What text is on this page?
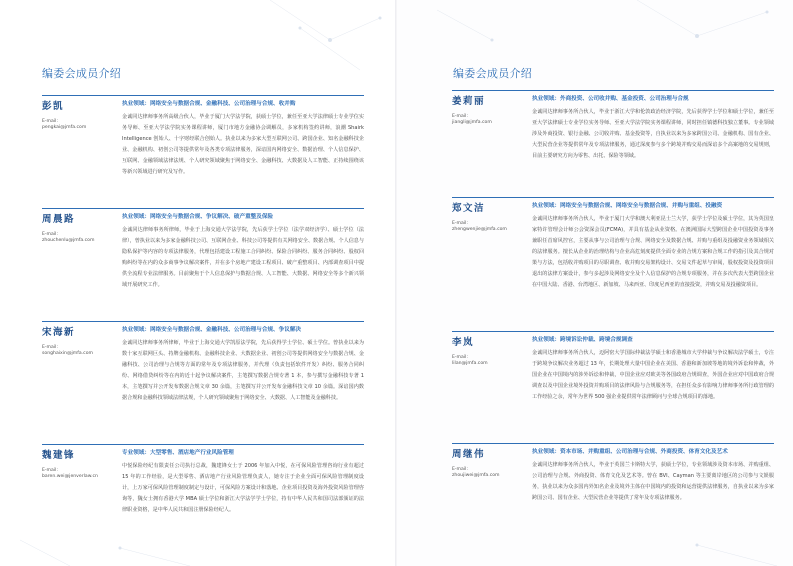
编委会成员介绍
彭凯
E-mail：
pengkai@jmfa.com
执业领域：网络安全与数据合规、金融科技、公司治理与合规、收并购
金诚同达律师事务所高级合伙人，毕业于厦门大学法学院，获硕士学位，兼任至亚大学法律硕士专业学位实务导师、至亚大学法学院实务课程讲师，厦门市地方金融协会调解员，多家机构签约讲师，浪潮 Shairk Intelligence 创始人、十字财经联合创始人。执业以来为多家大型互联网公司、跨国企业、知名金融科技企业、金融机构、初创公司等提供常年及各类专项法律服务，深谙国内网络安全、数据治理、个人信息保护、互联网、金融领域法律法规、个人研究领域聚焦于网络安全、金融科技、大数据及人工智能、正持续围绕该等新兴领域进行研究及写作。
周晨路
E-mail：
zhouchenlu@jmfa.com
执业领域：网络安全与数据合规、争议解决、破产重整及保险
金诚同达律师事务所律师，毕业于上海交通大学法学院，先后获学士学位（法学双经济学）、硕士学位（法律），曾执业以来为多家金融科技公司、互联网企业、科技公司等提供有关网络安全、数据合规、个人信息与隐私保护等内容的专项法律服务，代理包括建设工程施工合同纠纷、保险合同纠纷、服务合同纠纷、股权回购纠纷等在内的众多商事争议解决案件，并在多个房地产建设工程项目、破产重整项目、内部调查项目中提供全流程专业法律服务。目前聚焦于个人信息保护与数据合规、人工智能、大数据、网络安全等多个新兴领域开展研究工作。
宋海新
E-mail：
songhaixin@jmfa.com
执业领域：网络安全与数据合规、金融科技、公司治理与合规、争议解决
金诚同达律师事务所律师，毕业于上海交通大学凯原法学院，先后获得学士学位、硕士学位。曾执业以来为数十家互联网巨头、持牌金融机构、金融科技企业、大数据企业、初创公司等提供网络安全与数据合规、金融科技、公司治理与合规等方面的常年及专项法律服务，并代理（负责包括软件开发）纠纷、服务合同纠纷、网络借贷纠纷等在内的近十起争议解决案件，主笔撰写数据合规专著 1 本，参与撰写金融科技专著 1 本，主笔撰写并公开发布数据合规文章 30 余篇，主笔撰写并公开发布金融科技文章 10 余篇。深谙国内数据合规和金融科技领域法律法规，个人研究领域聚焦于网络安全、大数据、人工智能及金融科技。
魏建锋
E-mail：
baren.wei@jenverlaw.cn
专业领域：大型零售、酒店地产行业风险管理
中悦保险经纪有限责任公司执行总裁，魏建锋女士于 2006 年加入中悦，在可保风险管理咨询行业有超过 15 年的工作经验，是大型零售、酒店地产行业风险管理负责人，她专注于企业全面可保风险管理制度设计，上万家可保风险管理制度制定与设计，可保风险方案设计和落地、企业项目投资及海外投资风险管理咨询等，魏女士拥有香港大学 MBA 硕士学位和浙江大学法学学士学位，持有中华人民共和国司法部颁证的法律职业资格，是中华人民共和国注册保险经纪人。
编委会成员介绍
姜莉丽
E-mail：
jiangli@jmfa.com
执业领域：外商投资、公司收并购、基金投资、公司治理与合规
金诚同达律师事务所合伙人，毕业于浙江大学和伦敦政治经济学院，先后获得学士学位和硕士学位，兼任至亚大学法律硕士专业学位实务导师、至亚大学法学院实务课程讲师，同时担任镇德科技独立董事。专业领域涉及外商投资、银行金融、公司收并购、基金投资等，自执业以来为多家跨国公司、金融机构、国有企业、大型民营企业等提供常年及专项法律服务，通过深度参与多个跨境并购交易而深谙多个高案地的交易规则，目前主要研究方向为零售、出托、保险等领域。
郑文洁
E-mail：
zhengwenjie@jmfa.com
执业领域：网络安全与数据合规、网络安全与数据合规、并购与重组、投融资
金诚同达律师事务所合伙人，毕业于厦门大学和澳大利亚昆士兰大学，获学士学位及硕士学位，其为英国皇家特许管理会计师公会资深会员(FCMA)，并具有基金从业资格。在澳洲国际大型跨国企业中国投资及事务兼职任首席风控官，主要从事与公司治理与合规、网络安全及数据合规、并购与重组及投融资业务领域相关的法律服务。擅长从企业的治理结构与企业高危刻度提供全面专业的合规方案和合规工作的指引及其合规对策与方法，包括收并购项目的尽职调查、收并购交易架构设计、交易文件起草与审阅，股权投资及投资项目退出的法律方案设计，参与多起涉及网络安全及个人信息保护的合规专项服务，并在多次代表大型跨国企业在中国大陆、香港、台湾地区、新加坡、马来西亚、印度尼西亚的直接投资，并购交易及投融资项目。
李岚
E-mail：
lilan@jmfa.com
执业领域：跨境诉讼仲裁、跨境合规调查
金诚同达律师事务所合伙人，迈阿密大学国际仲裁法学硕士和香港城市大学仲裁与争议解决法学硕士，专注于跨境争议解决业务超过 13 年，长期处理大量中国企业在美国、香港和新加坡等地的境外诉讼和仲裁，外国企业在中国境内的涉外诉讼和仲裁，中国企业应对欧美等各国政府合规调查，外国企业应对中国政府合规调查以及中国企业境外投资并购项目的法律风险与合规服务等，在担任众多有影响力律师事务所行政管理的工作经验之余，常年为世界 500 强企业提供常年法律顾问与全球合规项目的落地。
周继伟
E-mail：
zhoujiwei@jmfa.com
执业领域：资本市场、并购重组、公司治理与合规、外商投资、体育文化及艺术
金诚同达律师事务所合伙人，毕业于英国兰卡斯特大学，获硕士学位，专业领域涉及资本市场、并购重组、公司治理与合规、外商投资、体育文化及艺术等。曾在 BVI、Cayman 等主要离岸地区的公司参与文娱服务，执业以来为众多国内外知名企业及境外主体在中国境内的投资和运营提供法律服务，自执业以来为多家跨国公司、国有企业、大型民营企业等提供了常年及专项法律服务。
